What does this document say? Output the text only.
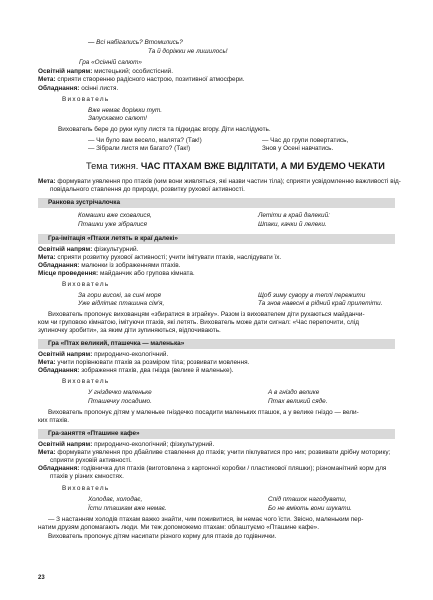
— Всі набігались? Втомились?
Та й доріжки не лишилось!
Гра «Осінній салют»
Освітній напрям: мистецький; особистісний.
Мета: сприяти створенню радісного настрою, позитивної атмосфери.
Обладнання: осінні листя.
Вихователь
Вже немає доріжки тут.
Запускаємо салют!
Вихователь бере до руки купу листя та підкидає вгору. Діти наслідують.
— Чи було вам весело, малята? (Так!)	— Час до групи повертатись,
— Зібрали листя ми багато? (Так!)	Знов у Осені навчатись.
Тема тижня. ЧАС ПТАХАМ ВЖЕ ВІДЛІТАТИ, А МИ БУДЕМО ЧЕКАТИ
Мета: формувати уявлення про птахів (ким вони живляться, які назви частин тіла); сприяти усвідомленню важливості від-
повідального ставлення до природи, розвитку рухової активності.
Ранкова зустрічалочка
Комашки вже сховалися,
Пташки уже зібралися
Летіти в край далекий:
Шпаки, качки й лелеки.
Гра-імітація «Птахи летять в краї далекі»
Освітній напрям: фізкультурний.
Мета: сприяти розвитку рухової активності; учити імітувати птахів, наслідувати їх.
Обладнання: малюнки із зображеннями птахів.
Місце проведення: майданчик або групова кімната.
Вихователь
За гори високі, за сині моря
Уже відлітає пташина сім'я,
Щоб зиму сувору в теплі пережити
Та знов навесні в рідний край прилетіти.
Вихователь пропонує вихованцям «збиратися в зграйку». Разом із вихователем діти рухаються майданчи-
ком чи груповою кімнатою, імітуючи птахів, які летять. Вихователь може дати сигнал: «Час перепочити, слід
зупиночку зробити», за яким діти зупиняються, відпочивають.
Гра «Птах великий, пташечка — маленька»
Освітній напрям: природничо-екологічний.
Мета: учити порівнювати птахів за розміром тіла; розвивати мовлення.
Обладнання: зображення птахів, два гнізда (велике й маленьке).
Вихователь
У гніздечко маленьке
Пташечку посадимо.
А в гніздо велике
Птах великий сяде.
Вихователь пропонує дітям у маленьке гніздечко посадити маленьких пташок, а у велике гніздо — вели-
ких птахів.
Гра-заняття «Пташине кафе»
Освітній напрям: природничо-екологічний; фізкультурний.
Мета: формувати уявлення про дбайливе ставлення до птахів; учити піклуватися про них; розвивати дрібну моторику;
сприяти руховій активності.
Обладнання: годівничка для птахів (виготовлена з картонної коробки / пластикової пляшки); різноманітний корм для
птахів у різних ємностях.
Вихователь
Холодає, холодає,
Їсти пташкам вже немає.
Спід пташок нагодувати,
Бо не вміють вони шукати.
— З настанням холодів птахам важко знайти, чим поживитися, ім немає чого їсти. Звісно, маленьким пер-
натим друзям допомагають люди. Ми теж допоможемо птахам: облаштуємо «Пташине кафе».
Вихователь пропонує дітям насипати різного корму для птахів до годівнички.
23
